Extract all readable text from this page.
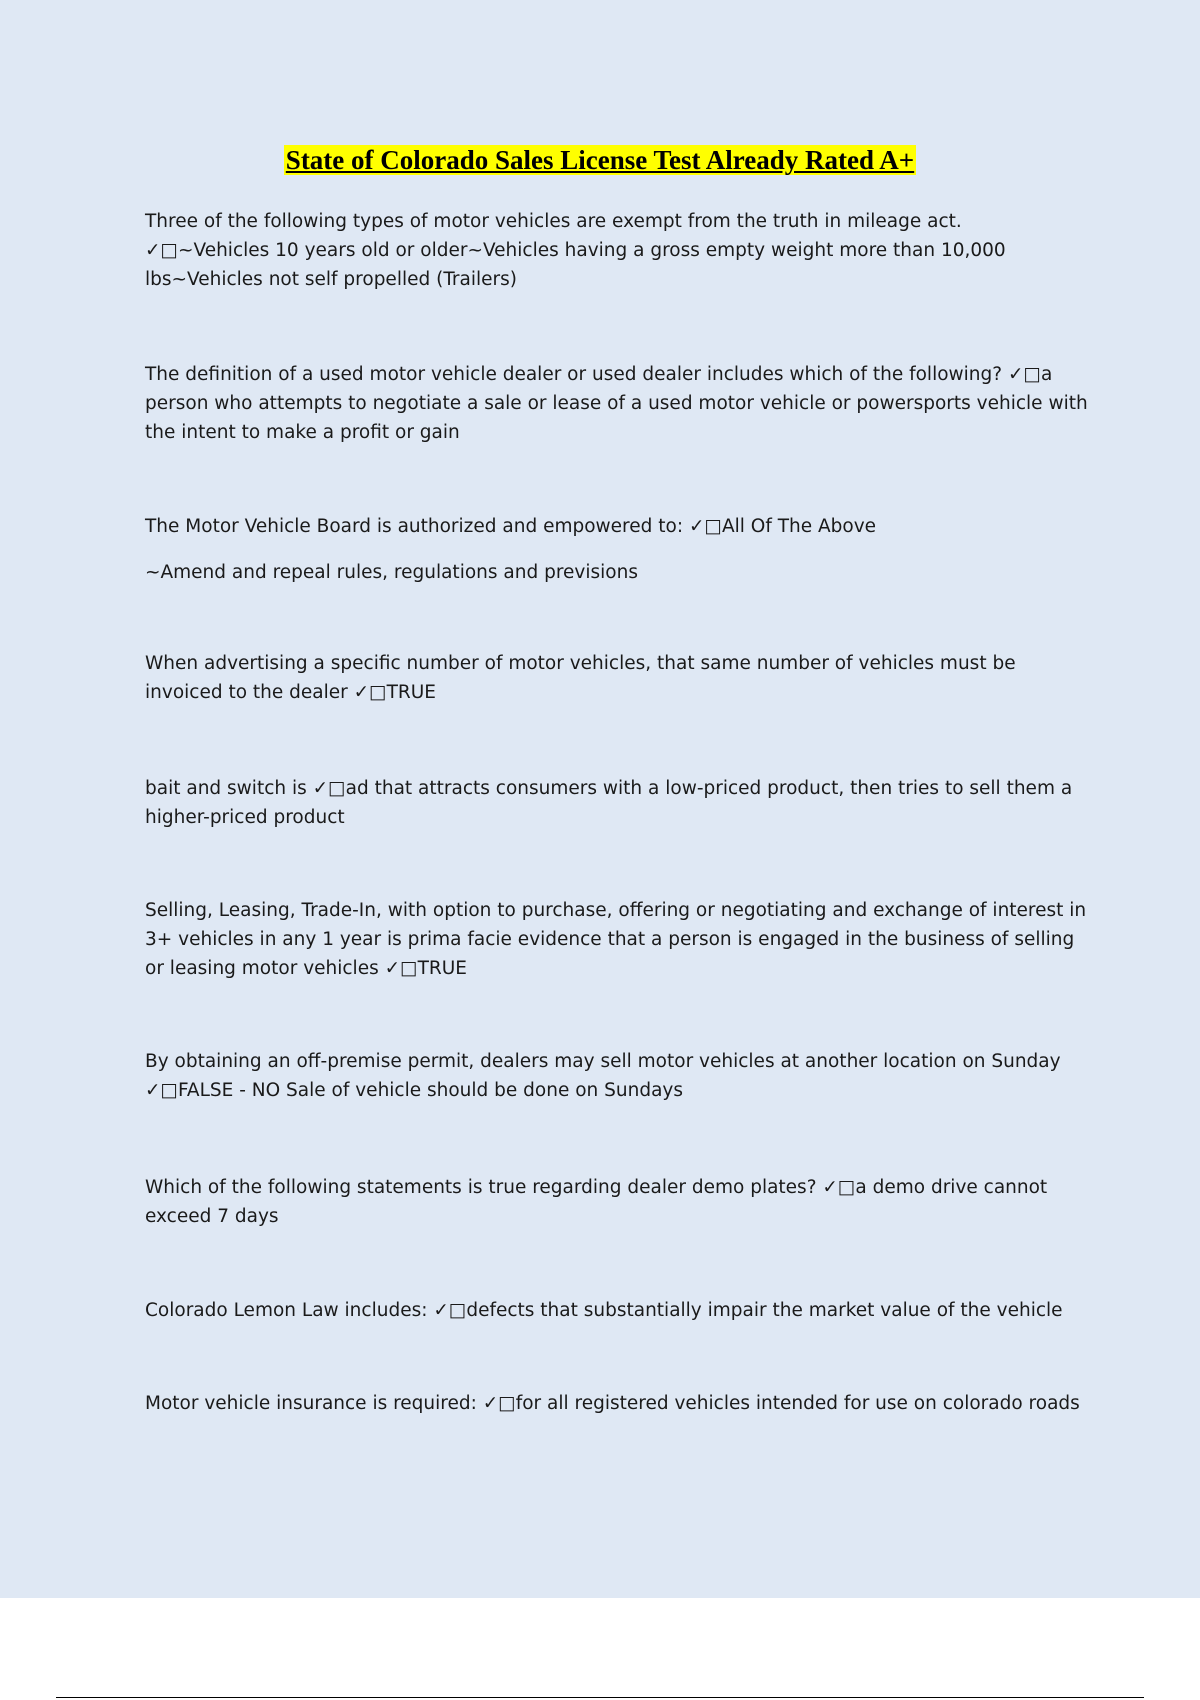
State of Colorado Sales License Test Already Rated A+

Three of the following types of motor vehicles are exempt from the truth in mileage act. ✓□~Vehicles 10 years old or older~Vehicles having a gross empty weight more than 10,000 lbs~Vehicles not self propelled (Trailers)

The definition of a used motor vehicle dealer or used dealer includes which of the following? ✓□a person who attempts to negotiate a sale or lease of a used motor vehicle or powersports vehicle with the intent to make a profit or gain

The Motor Vehicle Board is authorized and empowered to: ✓□All Of The Above

~Amend and repeal rules, regulations and previsions

When advertising a specific number of motor vehicles, that same number of vehicles must be invoiced to the dealer ✓□TRUE

bait and switch is ✓□ad that attracts consumers with a low-priced product, then tries to sell them a higher-priced product

Selling, Leasing, Trade-In, with option to purchase, offering or negotiating and exchange of interest in 3+ vehicles in any 1 year is prima facie evidence that a person is engaged in the business of selling or leasing motor vehicles ✓□TRUE

By obtaining an off-premise permit, dealers may sell motor vehicles at another location on Sunday ✓□FALSE - NO Sale of vehicle should be done on Sundays

Which of the following statements is true regarding dealer demo plates? ✓□a demo drive cannot exceed 7 days

Colorado Lemon Law includes: ✓□defects that substantially impair the market value of the vehicle

Motor vehicle insurance is required: ✓□for all registered vehicles intended for use on colorado roads
